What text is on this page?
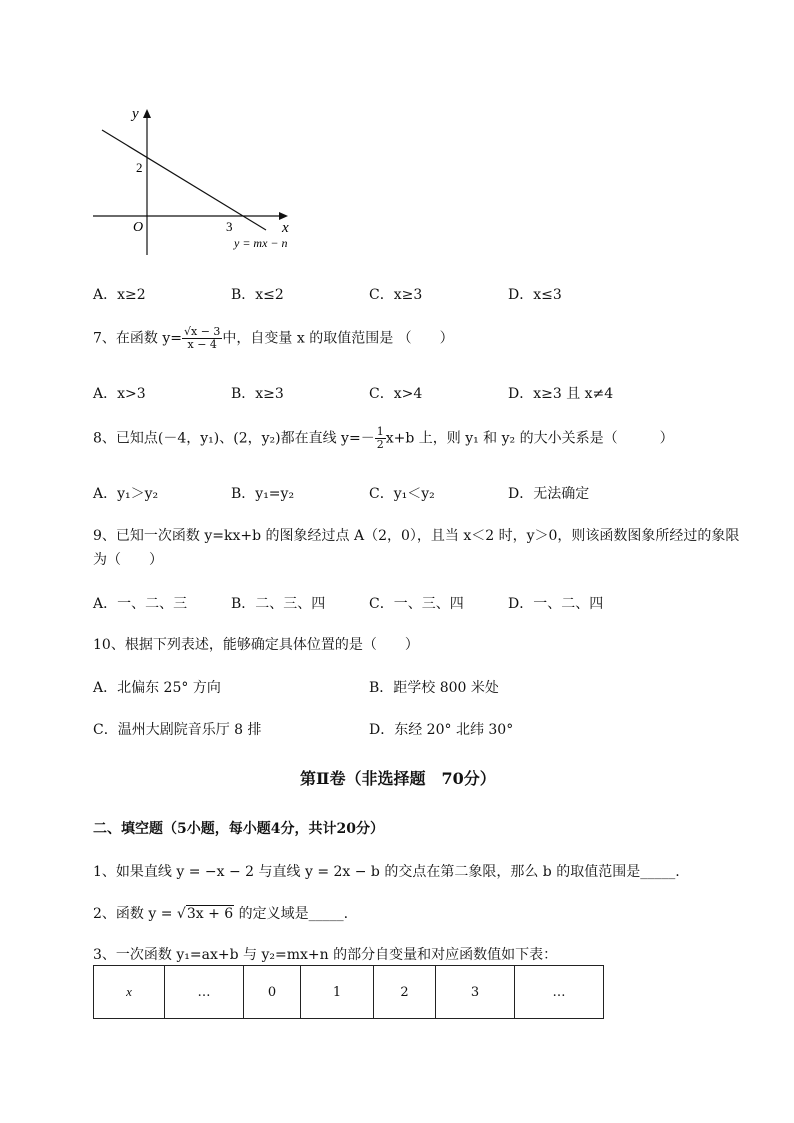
y
x
O
2
3
y = mx − n
A．x≥2	B．x≤2	C．x≥3	D．x≤3
7、在函数 $y= \frac{√x - 3}{x - 4}$ 中，自变量 x 的取值范围是 （　　）
A．x>3	B．x≥3	C．x>4	D．x≥3 且 x≠4
8、已知点(－4，y₁)、(2，y₂)都在直线 $y=- \frac{1}{2} x+b$ 上，则 y₁ 和 y₂ 的大小关系是（　　　）
A．y₁＞y₂	B．y₁=y₂	C．y₁＜y₂	D．无法确定
9、已知一次函数 y=kx+b 的图象经过点 A（2，0），且当 x＜2 时，y＞0，则该函数图象所经过的象限
为（　　）
A．一、二、三	B．二、三、四	C．一、三、四	D．一、二、四
10、根据下列表述，能够确定具体位置的是（　　）
A．北偏东 25° 方向	B．距学校 800 米处
C．温州大剧院音乐厅 8 排	D．东经 20° 北纬 30°
第Ⅱ卷（非选择题　70分）
二、填空题（5小题，每小题4分，共计20分）
1、如果直线 y = −x − 2 与直线 y = 2x − b 的交点在第二象限，那么 b 的取值范围是_____.
2、函数 y = √3x + 6 的定义域是_____.
3、一次函数 y₁=ax+b 与 y₂=mx+n 的部分自变量和对应函数值如下表：
x	…	0	1	2	3	…
